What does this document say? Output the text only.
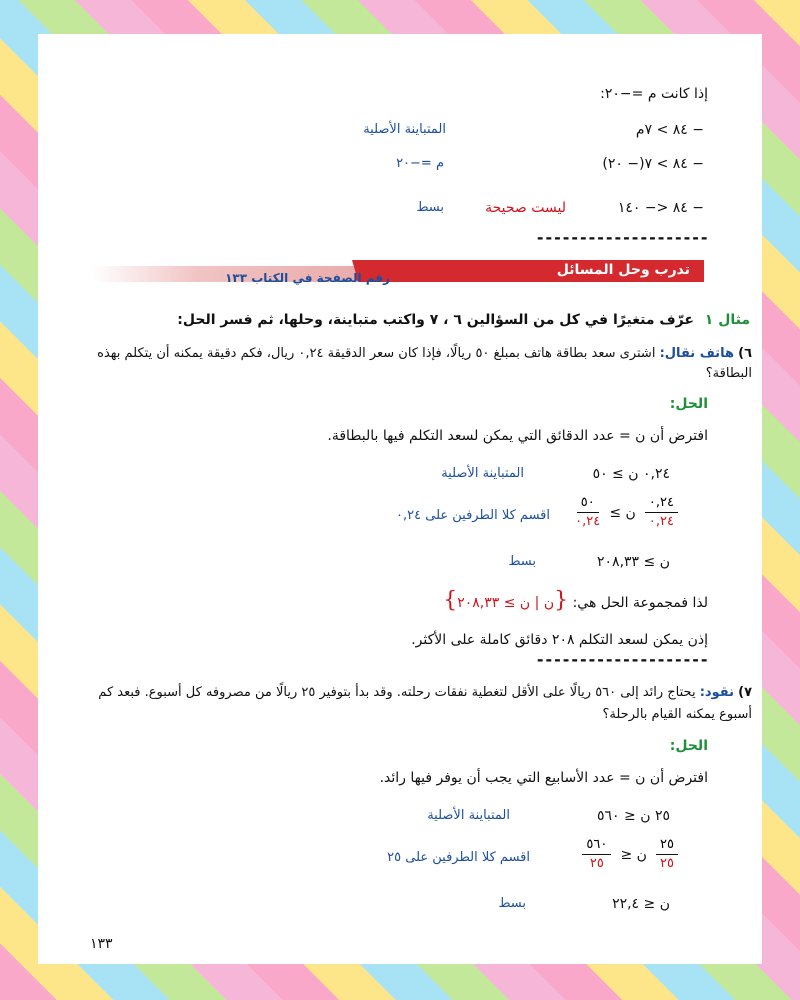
إذا كانت م =−٢٠:
− ٨٤ > ٧م
المتباينة الأصلية
− ٨٤ > ٧(− ٢٠)
م =−٢٠
− ٨٤ <− ١٤٠
ليست صحيحة
بسط
--------------------
تدرب وحل المسائل
رقم الصفحة في الكتاب ١٣٣
مثال ١ عرّف متغيرًا في كل من السؤالين ٦ ، ٧ واكتب متباينة، وحلها، ثم فسر الحل:
٦) هاتف نقال: اشترى سعد بطاقة هاتف بمبلغ ٥٠ ريالًا، فإذا كان سعر الدقيقة ٠,٢٤ ريال، فكم دقيقة يمكنه أن يتكلم بهذه البطاقة؟
الحل:
افترض أن ن = عدد الدقائق التي يمكن لسعد التكلم فيها بالبطاقة.
٠,٢٤ ن ≥ ٥٠
المتباينة الأصلية
$\frac{٠,٢٤}{٠,٢٤}$
ن ≥
$\frac{٥٠}{٠,٢٤}$
اقسم كلا الطرفين على ٠,٢٤
ن ≥ ٢٠٨,٣٣
بسط
لذا فمجموعة الحل هي: {ن | ن ≥ ٢٠٨,٣٣}
إذن يمكن لسعد التكلم ٢٠٨ دقائق كاملة على الأكثر.
--------------------
٧) نقود: يحتاج رائد إلى ٥٦٠ ريالًا على الأقل لتغطية نفقات رحلته. وقد بدأ بتوفير ٢٥ ريالًا من مصروفه كل أسبوع. فبعد كم أسبوع يمكنه القيام بالرحلة؟
الحل:
افترض أن ن = عدد الأسابيع التي يجب أن يوفر فيها رائد.
٢٥ ن ≤ ٥٦٠
المتباينة الأصلية
$\frac{٢٥}{٢٥}$
ن ≤
$\frac{٥٦٠}{٢٥}$
اقسم كلا الطرفين على ٢٥
ن ≤ ٢٢,٤
بسط
١٣٣
